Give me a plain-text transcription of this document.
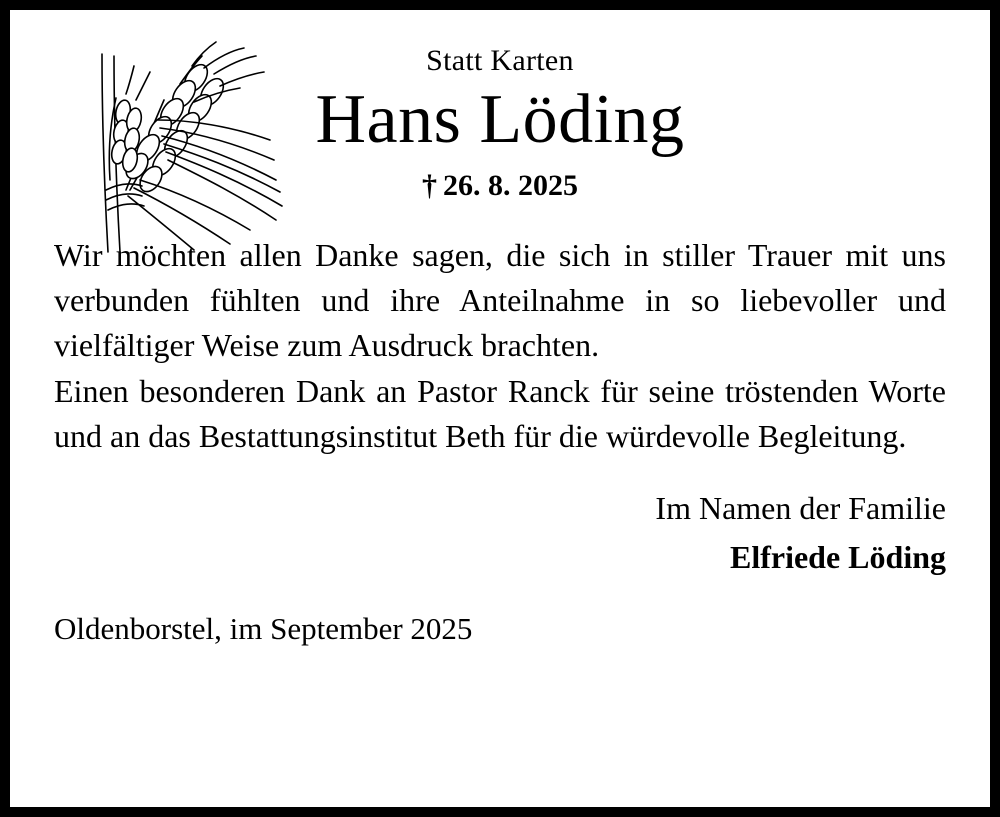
Statt Karten
Hans Löding
† 26. 8. 2025

Wir möchten allen Danke sagen, die sich in stiller Trauer mit uns verbunden fühlten und ihre Anteilnahme in so liebevoller und vielfältiger Weise zum Ausdruck brachten.

Einen besonderen Dank an Pastor Ranck für seine tröstenden Worte und an das Bestattungsinstitut Beth für die würdevolle Begleitung.

Im Namen der Familie
Elfriede Löding
Oldenborstel, im September 2025
